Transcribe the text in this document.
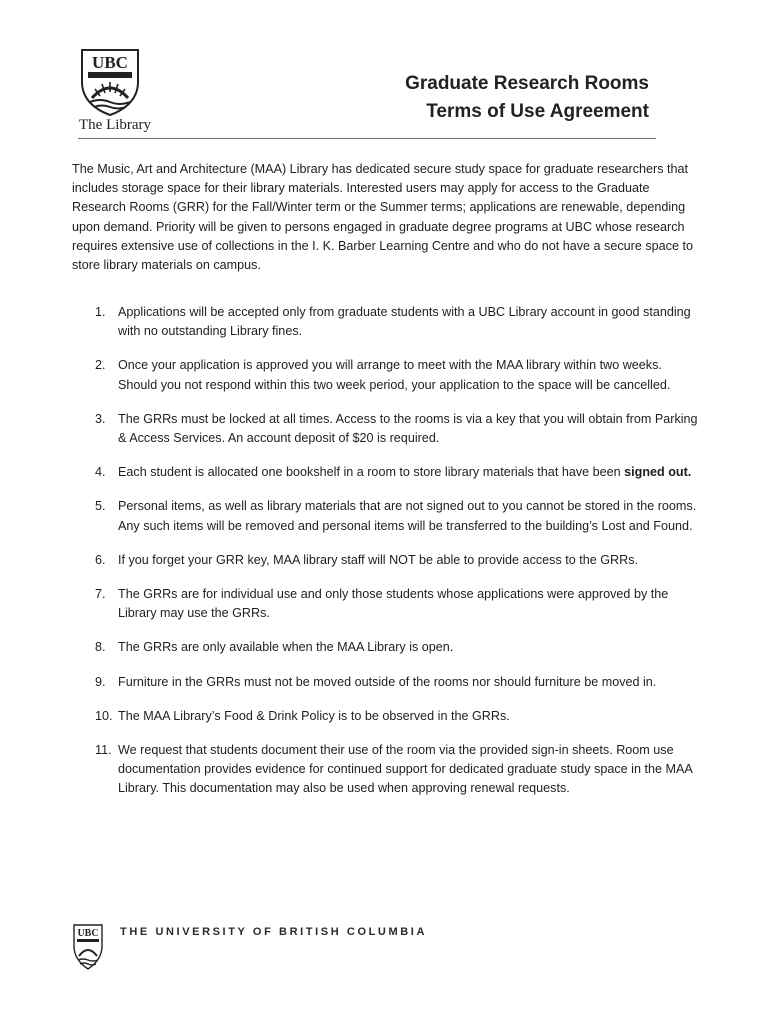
UBC
The Library
Graduate Research Rooms
Terms of Use Agreement

The Music, Art and Architecture (MAA) Library has dedicated secure study space for graduate researchers that includes storage space for their library materials. Interested users may apply for access to the Graduate Research Rooms (GRR) for the Fall/Winter term or the Summer terms; applications are renewable, depending upon demand. Priority will be given to persons engaged in graduate degree programs at UBC whose research requires extensive use of collections in the I. K. Barber Learning Centre and who do not have a secure space to store library materials on campus.

1. Applications will be accepted only from graduate students with a UBC Library account in good standing with no outstanding Library fines.
2. Once your application is approved you will arrange to meet with the MAA library within two weeks. Should you not respond within this two week period, your application to the space will be cancelled.
3. The GRRs must be locked at all times. Access to the rooms is via a key that you will obtain from Parking & Access Services. An account deposit of $20 is required.
4. Each student is allocated one bookshelf in a room to store library materials that have been signed out.
5. Personal items, as well as library materials that are not signed out to you cannot be stored in the rooms. Any such items will be removed and personal items will be transferred to the building’s Lost and Found.
6. If you forget your GRR key, MAA library staff will NOT be able to provide access to the GRRs.
7. The GRRs are for individual use and only those students whose applications were approved by the Library may use the GRRs.
8. The GRRs are only available when the MAA Library is open.
9. Furniture in the GRRs must not be moved outside of the rooms nor should furniture be moved in.
10. The MAA Library’s Food & Drink Policy is to be observed in the GRRs.
11. We request that students document their use of the room via the provided sign-in sheets. Room use documentation provides evidence for continued support for dedicated graduate study space in the MAA Library. This documentation may also be used when approving renewal requests.
UBC THE UNIVERSITY OF BRITISH COLUMBIA
